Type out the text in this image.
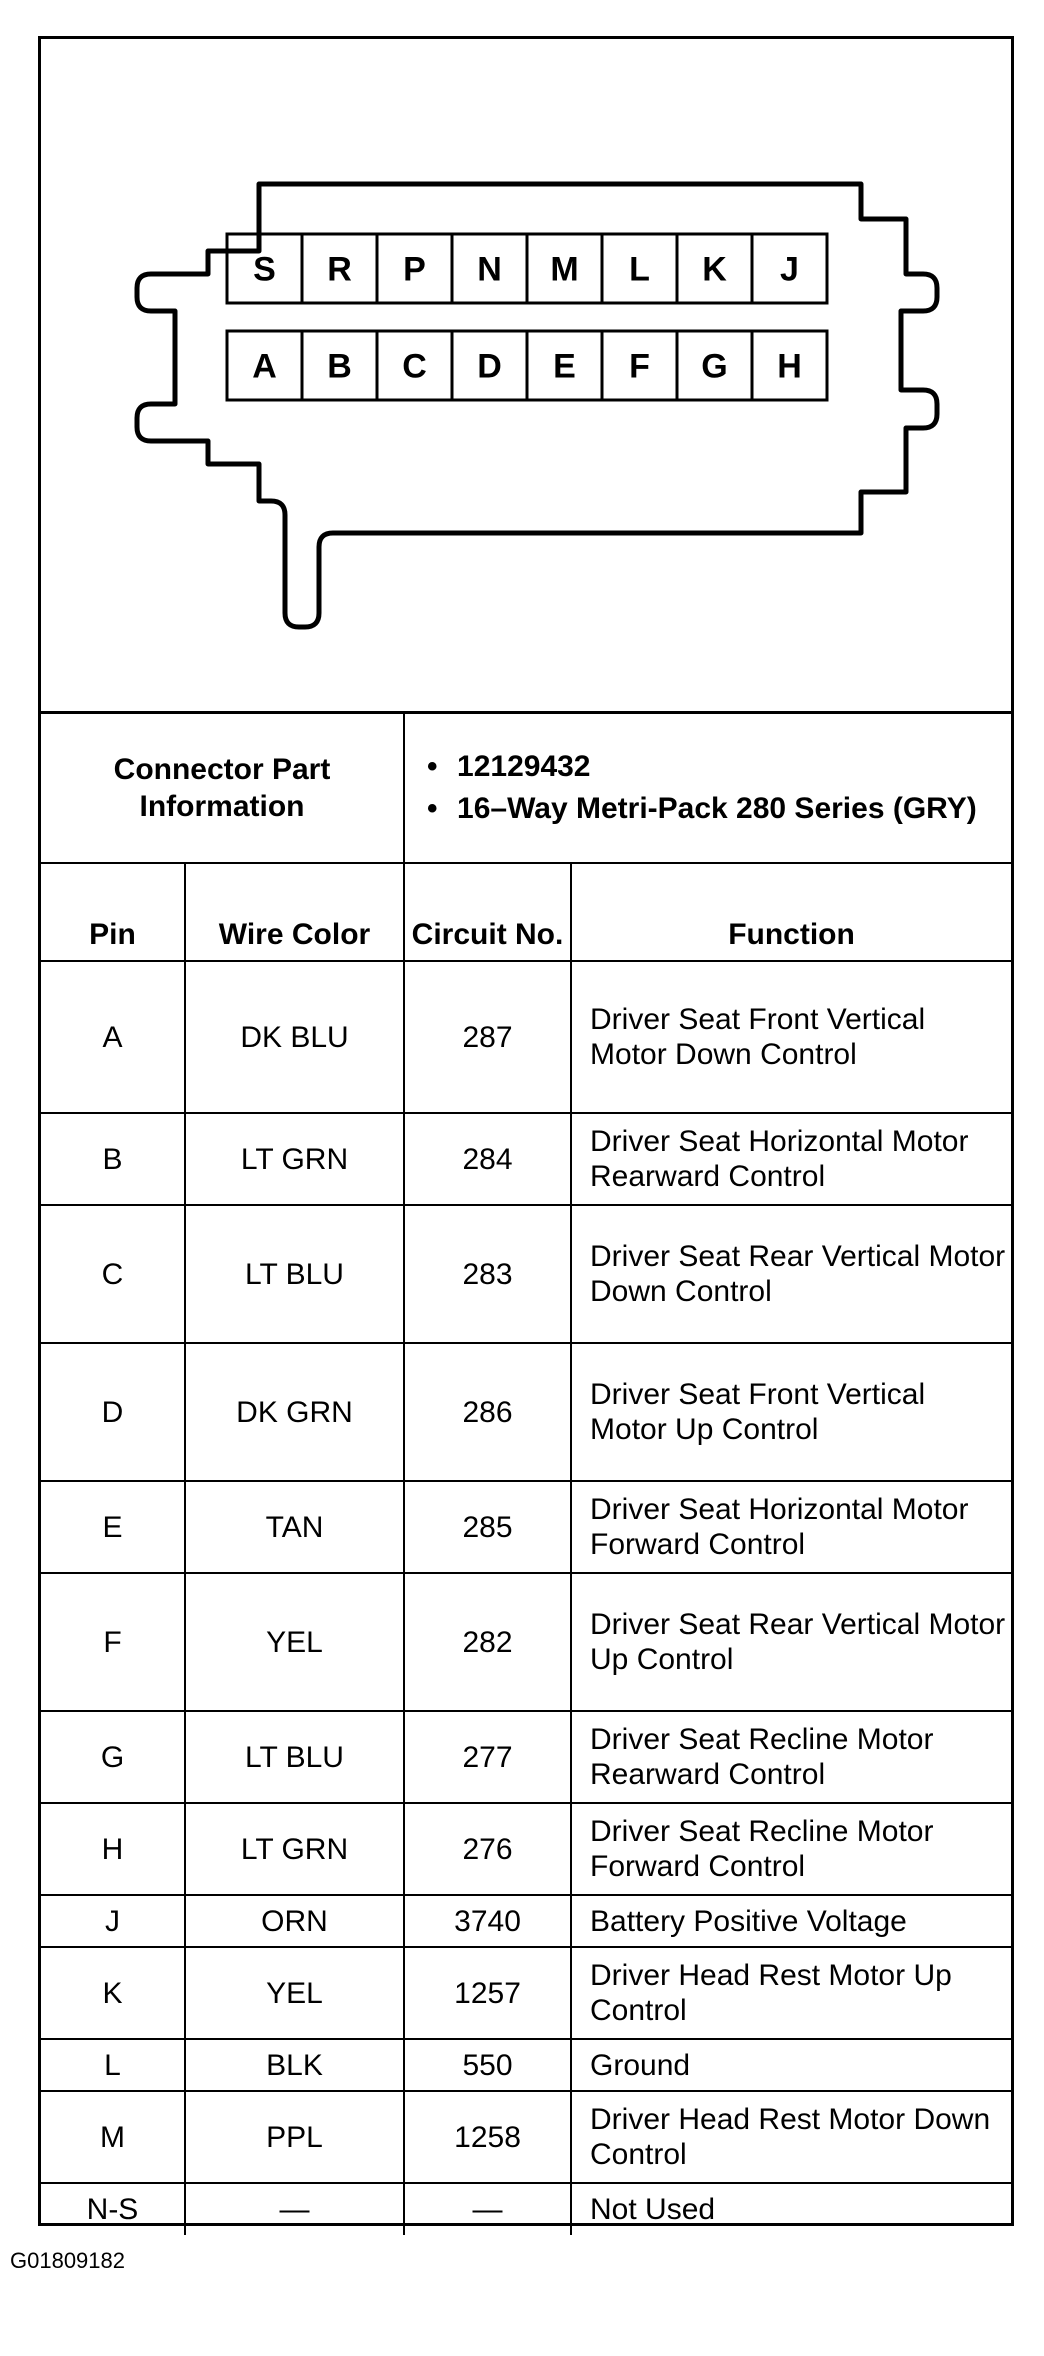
S R P N M L K J
A B C D E F G H
Connector Part Information		• 12129432
• 16–Way Metri-Pack 280 Series (GRY)	

Pin	Wire Color	Circuit No.	Function
A	DK BLU	287	Driver Seat Front Vertical Motor Down Control
B	LT GRN	284	Driver Seat Horizontal Motor Rearward Control
C	LT BLU	283	Driver Seat Rear Vertical Motor Down Control
D	DK GRN	286	Driver Seat Front Vertical Motor Up Control
E	TAN	285	Driver Seat Horizontal Motor Forward Control
F	YEL	282	Driver Seat Rear Vertical Motor Up Control
G	LT BLU	277	Driver Seat Recline Motor Rearward Control
H	LT GRN	276	Driver Seat Recline Motor Forward Control
J	ORN	3740	Battery Positive Voltage
K	YEL	1257	Driver Head Rest Motor Up Control
L	BLK	550	Ground
M	PPL	1258	Driver Head Rest Motor Down Control
N-S	—	—	Not Used
G01809182
